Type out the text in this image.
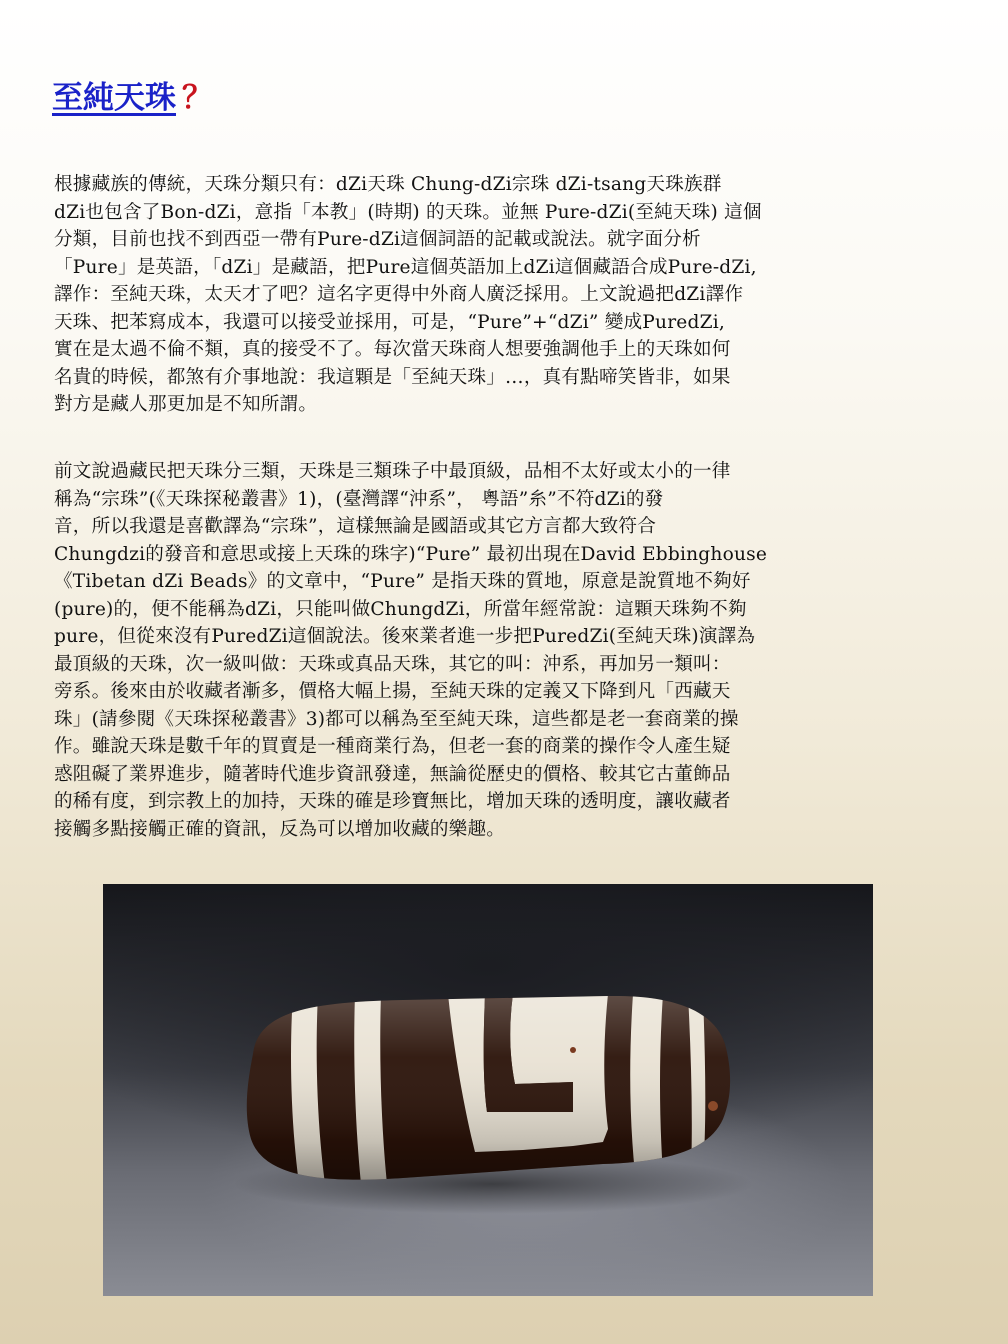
至純天珠 ？
根據藏族的傳統，天珠分類只有：dZi天珠 Chung-dZi宗珠 dZi-tsang天珠族群
dZi也包含了Bon-dZi，意指「本教」(時期) 的天珠。並無 Pure-dZi(至純天珠) 這個
分類，目前也找不到西亞一帶有Pure-dZi這個詞語的記載或說法。就字面分析
「Pure」是英語，「dZi」是藏語，把Pure這個英語加上dZi這個藏語合成Pure-dZi,
譯作：至純天珠，太天才了吧？這名字更得中外商人廣泛採用。上文說過把dZi譯作
天珠、把苯寫成本，我還可以接受並採用，可是，“Pure”+“dZi” 變成PuredZi,
實在是太過不倫不類，真的接受不了。每次當天珠商人想要強調他手上的天珠如何
名貴的時候，都煞有介事地說：我這顆是「至純天珠」…，真有點啼笑皆非，如果
對方是藏人那更加是不知所謂。
前文說過藏民把天珠分三類，天珠是三類珠子中最頂級，品相不太好或太小的一律
稱為“宗珠”(《天珠探秘叢書》1)，(臺灣譯“沖系”， 粵語”糸”不符dZi的發
音，所以我還是喜歡譯為“宗珠”，這樣無論是國語或其它方言都大致符合
Chungdzi的發音和意思或接上天珠的珠字)“Pure” 最初出現在David Ebbinghouse
《Tibetan dZi Beads》的文章中，“Pure” 是指天珠的質地，原意是說質地不夠好
(pure)的，便不能稱為dZi，只能叫做ChungdZi，所當年經常說：這顆天珠夠不夠
pure，但從來沒有PuredZi這個說法。後來業者進一步把PuredZi(至純天珠)演譯為
最頂級的天珠，次一級叫做：天珠或真品天珠，其它的叫：沖系，再加另一類叫：
旁系。後來由於收藏者漸多，價格大幅上揚，至純天珠的定義又下降到凡「西藏天
珠」(請參閱《天珠探秘叢書》3)都可以稱為至至純天珠，這些都是老一套商業的操
作。雖說天珠是數千年的買賣是一種商業行為，但老一套的商業的操作令人產生疑
惑阻礙了業界進步，隨著時代進步資訊發達，無論從歷史的價格、較其它古董飾品
的稀有度，到宗教上的加持，天珠的確是珍寶無比，增加天珠的透明度，讓收藏者
接觸多點接觸正確的資訊，反為可以增加收藏的樂趣。
